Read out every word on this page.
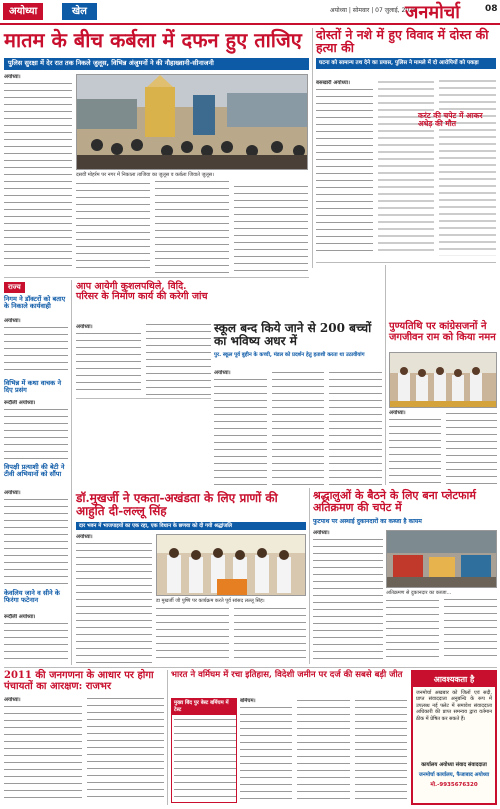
अयोध्या	खेल	अयोध्या | सोमवार | 07 जुलाई, 2025
जनमोर्चा	08
मातम के बीच कर्बला में दफन हुए ताजिए
पुलिस सुरक्षा में देर रात तक निकले जुलूस, विभिन्न अंजुमनों ने की नौहाख्वानी-सीनाजनी
अयोध्या।
दसवीं मोहर्रम पर नगर में निकाला ताजिया का जुलूस व कर्बला जिवाते जुलूस।
दोस्तों ने नशे में हुए विवाद में दोस्त की हत्या की
घटना को सामान्य तथ देने का प्रयास, पुलिस ने मामले में दो आरोपियों को पकड़ा
बसखारी अयोध्या।
करंट की चपेट में आकर अधेड़ की मौत
राज्य
निगम ने डॉक्टरों को बताए के निकाले कार्यवाही
अयोध्या।
विभिन्न में कथा वाचक ने दिए प्रसंग
रूदौली अयोध्या।
विपक्षी प्रत्याशी की बेटी ने टीवी अभियानों को सौंपा
अयोध्या।
केवलिय जाने व सीने के फिरंगा फटेनान
रूदौली अयोध्या।
आप आयेगी कुशलपथिले, विदि. परिसर के निर्माण कार्य की करेगी जांच
अयोध्या।	स्कूल बन्द किये जाने से 200 बच्चों का भविष्य अधर में
पुर. स्कूल पूर्व बुहीन के कच्ची, मंडल को प्रदर्शन हेतु हताशी करता था उठावीयांग
अयोध्या।
पुण्यतिथि पर कांग्रेसजनों ने जगजीवन राम को किया नमन
अयोध्या।
डॉ.मुखर्जी ने एकता-अखंडता के लिए प्राणों की आहुति दी-लल्लू सिंह
दार भवन में भाजपाइयों का एक रहा, एक विधान के छणवा को दी गयी श्रद्धांजलि
अयोध्या।
डा मुखर्जी जी पुष्पि पर कार्यक्रम करते पूर्व सांसद लल्लू सिंह।
श्रद्धालुओं के बैठने के लिए बना प्लेटफार्म अतिक्रमण की चपेट में
फुटपाथ पर अस्थाई दुकानदारों का कब्जा है कायम
अयोध्या।
अतिक्रमण से दुकानदार का कब्जा...
2011 की जनगणना के आधार पर होगा पंचायतों का आरक्षण: राजभर
अयोध्या।
भारत ने वर्मिघम में रचा इतिहास, विदेशी जमीन पर दर्ज की सबसे बड़ी जीत
मुख्य बिंद पुर बेस्ट बर्मिघम में टेस्ट
बर्मिघम।
आवश्यकता है
जनमोर्चा अखबार को जिलों एवं सदी, प्राप्त संवाददाता अनुबन्धि के रूप में उपलब्ध नई फ्लेट में समावेश संवाददाता अधिकारी की प्राप्त समन्वय द्वारा वर्तमान ठीक में प्रेषित कर सकते हैं।
कार्यालय अयोध्या संवाद संवाददाता
जनमोर्चा कार्यालय, फैजाबाद अयोध्या
मो.-9935676320
